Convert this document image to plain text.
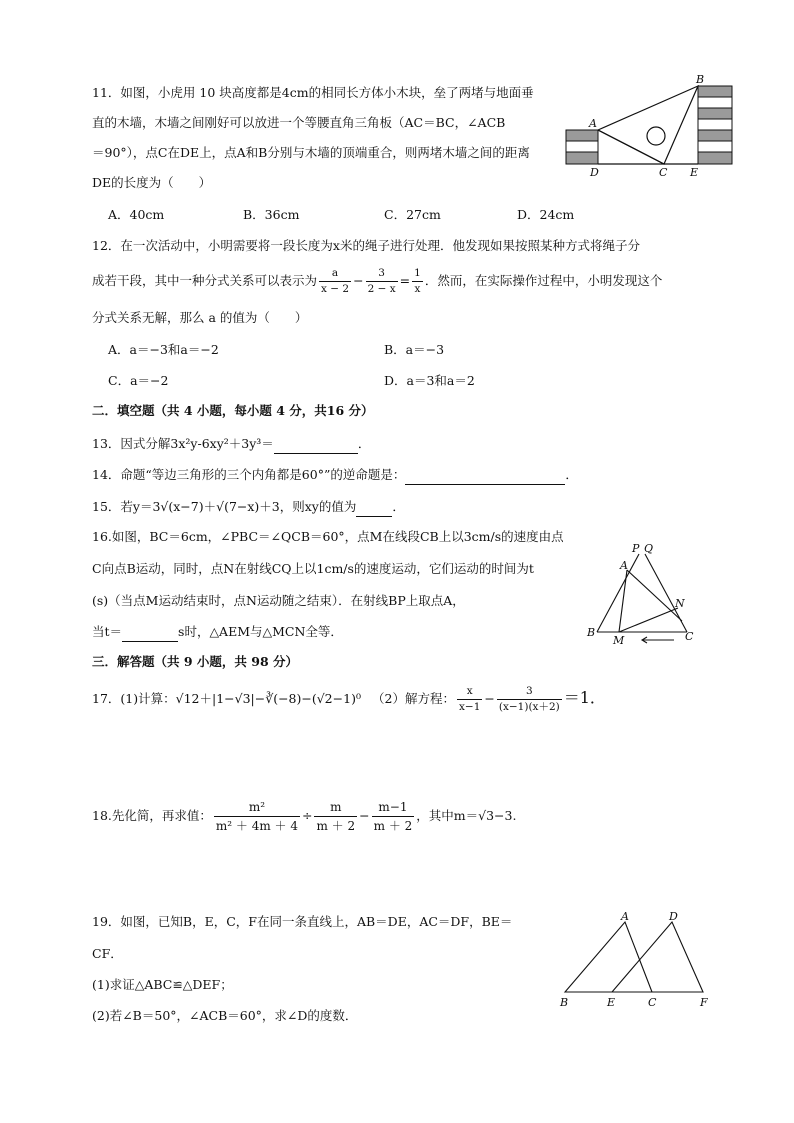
11．如图，小虎用 10 块高度都是4cm的相同长方体小木块，垒了两堵与地面垂
直的木墙，木墙之间刚好可以放进一个等腰直角三角板（AC＝BC，∠ACB
＝90°），点C在DE上，点A和B分别与木墙的顶端重合，则两堵木墙之间的距离
DE的长度为（　　）
A．40cm	B．36cm	C．27cm	D．24cm
A
B
C
D	E
12．在一次活动中，小明需要将一段长度为x米的绳子进行处理．他发现如果按照某种方式将绳子分
成若干段，其中一种分式关系可以表示为 $\frac{a}{x - 2} - \frac{3}{2 - x} = \frac{1}{x}$ ．然而，在实际操作过程中，小明发现这个
分式关系无解，那么 a 的值为（　　）
A．a＝−3和a＝−2	B．a＝−3
C．a＝−2	D．a＝3和a＝2
二．填空题（共 4 小题，每小题 4 分，共16 分）
13．因式分解3x²y-6xy²＋3y³＝	．
14．命题“等边三角形的三个内角都是60°”的逆命题是：	．
15．若y＝3√(x−7)＋√(7−x)＋3，则xy的值为	．
16.如图，BC＝6cm，∠PBC＝∠QCB＝60°，点M在线段CB上以3cm/s的速度由点
C向点B运动，同时，点N在射线CQ上以1cm/s的速度运动，它们运动的时间为t
(s)（当点M运动结束时，点N运动随之结束）．在射线BP上取点A，
当t＝	s时，△AEM与△MCN全等．
P Q
A
N
B
M	C
三．解答题（共 9 小题，共 98 分）
17．(1)计算：√12＋|1−√3|−∛(−8)−(√2−1)⁰ （2）解方程： $\frac{x}{x-1} - \frac{3}{(x-1)(x+2)} =1$．
18.先化简，再求值： $\frac{\text{m²}}{\text{m² ＋ 4m ＋ 4}} \div \frac{m}{m + 2} - \frac{m-1}{m + 2}$ ，其中m＝√3−3.
19．如图，已知B，E，C，F在同一条直线上，AB＝DE，AC＝DF，BE＝
CF．
(1)求证△ABC≌△DEF；
(2)若∠B＝50°，∠ACB＝60°，求∠D的度数．
A	D
B	E	C	F
